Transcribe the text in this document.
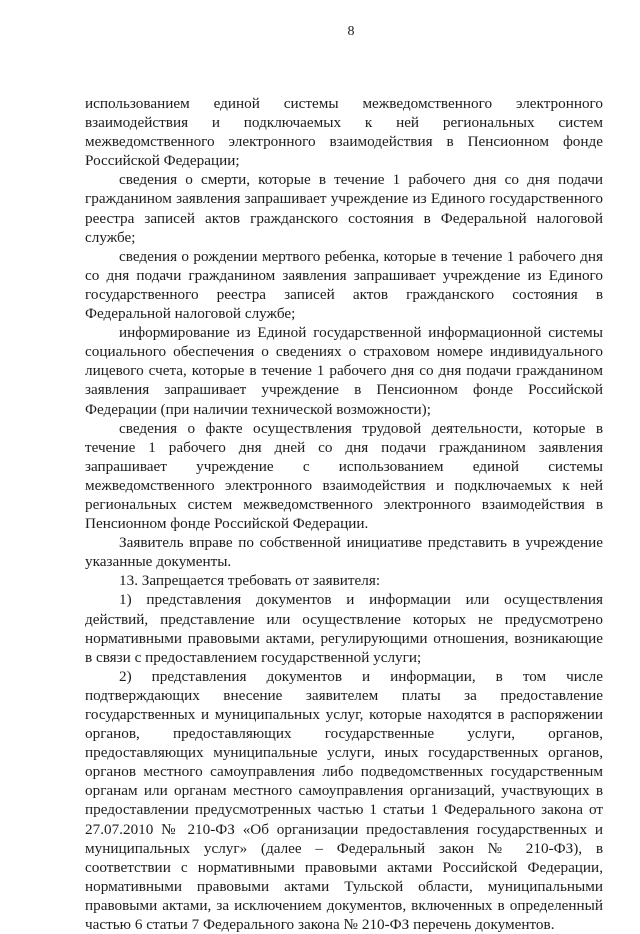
8

использованием единой системы межведомственного электронного взаимодействия и подключаемых к ней региональных систем межведомственного электронного взаимодействия в Пенсионном фонде Российской Федерации;

сведения о смерти, которые в течение 1 рабочего дня со дня подачи гражданином заявления запрашивает учреждение из Единого государственного реестра записей актов гражданского состояния в Федеральной налоговой службе;

сведения о рождении мертвого ребенка, которые в течение 1 рабочего дня со дня подачи гражданином заявления запрашивает учреждение из Единого государственного реестра записей актов гражданского состояния в Федеральной налоговой службе;

информирование из Единой государственной информационной системы социального обеспечения о сведениях о страховом номере индивидуального лицевого счета, которые в течение 1 рабочего дня со дня подачи гражданином заявления запрашивает учреждение в Пенсионном фонде Российской Федерации (при наличии технической возможности);

сведения о факте осуществления трудовой деятельности, которые в течение 1 рабочего дня дней со дня подачи гражданином заявления запрашивает учреждение с использованием единой системы межведомственного электронного взаимодействия и подключаемых к ней региональных систем межведомственного электронного взаимодействия в Пенсионном фонде Российской Федерации.

Заявитель вправе по собственной инициативе представить в учреждение указанные документы.

13. Запрещается требовать от заявителя:

1) представления документов и информации или осуществления действий, представление или осуществление которых не предусмотрено нормативными правовыми актами, регулирующими отношения, возникающие в связи с предоставлением государственной услуги;

2) представления документов и информации, в том числе подтверждающих внесение заявителем платы за предоставление государственных и муниципальных услуг, которые находятся в распоряжении органов, предоставляющих государственные услуги, органов, предоставляющих муниципальные услуги, иных государственных органов, органов местного самоуправления либо подведомственных государственным органам или органам местного самоуправления организаций, участвующих в предоставлении предусмотренных частью 1 статьи 1 Федерального закона от 27.07.2010 № 210-ФЗ «Об организации предоставления государственных и муниципальных услуг» (далее – Федеральный закон № 210-ФЗ), в соответствии с нормативными правовыми актами Российской Федерации, нормативными правовыми актами Тульской области, муниципальными правовыми актами, за исключением документов, включенных в определенный частью 6 статьи 7 Федерального закона № 210-ФЗ перечень документов.
